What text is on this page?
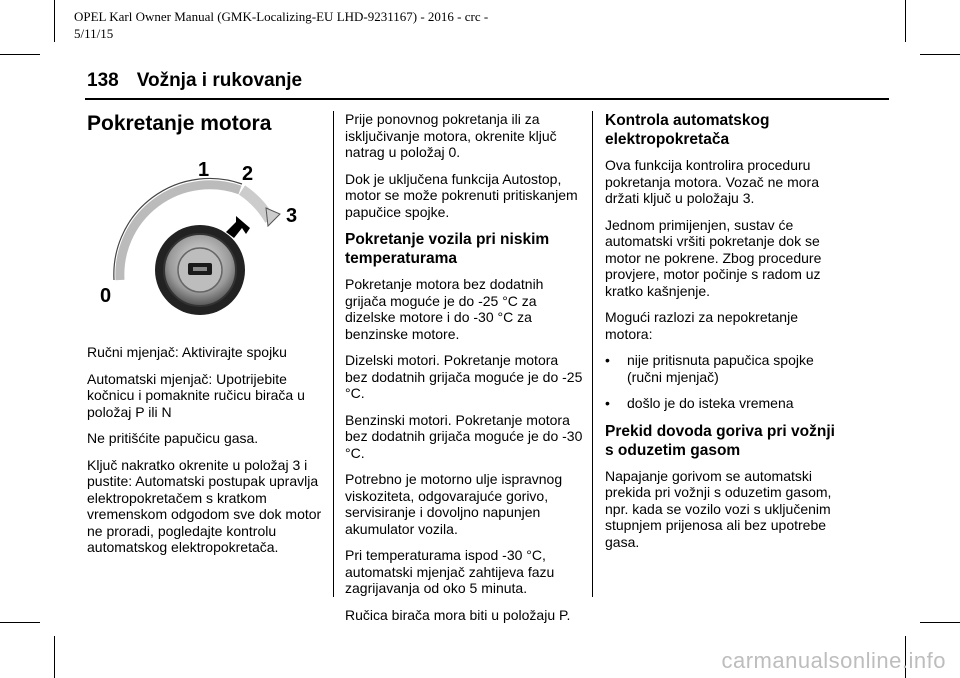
OPEL Karl Owner Manual (GMK-Localizing-EU LHD-9231167) - 2016 - crc -
5/11/15
138 Vožnja i rukovanje
Pokretanje motora
1 2
3
0

Ručni mjenjač: Aktivirajte spojku

Automatski mjenjač: Upotrijebite kočnicu i pomaknite ručicu birača u položaj P ili N

Ne pritišćite papučicu gasa.

Ključ nakratko okrenite u položaj 3 i pustite: Automatski postupak upravlja elektropokretačem s kratkom vremenskom odgodom sve dok motor ne proradi, pogledajte kontrolu automatskog elektropokretača.

Prije ponovnog pokretanja ili za isključivanje motora, okrenite ključ natrag u položaj 0.

Dok je uključena funkcija Autostop, motor se može pokrenuti pritiskanjem papučice spojke.

Pokretanje vozila pri niskim temperaturama

Pokretanje motora bez dodatnih grijača moguće je do -25 °C za dizelske motore i do -30 °C za benzinske motore.

Dizelski motori. Pokretanje motora bez dodatnih grijača moguće je do -25 °C.

Benzinski motori. Pokretanje motora bez dodatnih grijača moguće je do -30 °C.

Potrebno je motorno ulje ispravnog viskoziteta, odgovarajuće gorivo, servisiranje i dovoljno napunjen akumulator vozila.

Pri temperaturama ispod -30 °C, automatski mjenjač zahtijeva fazu zagrijavanja od oko 5 minuta.

Ručica birača mora biti u položaju P.

Kontrola automatskog elektropokretača

Ova funkcija kontrolira proceduru pokretanja motora. Vozač ne mora držati ključ u položaju 3.

Jednom primijenjen, sustav će automatski vršiti pokretanje dok se motor ne pokrene. Zbog procedure provjere, motor počinje s radom uz kratko kašnjenje.

Mogući razlozi za nepokretanje motora:

•	nije pritisnuta papučica spojke (ručni mjenjač)
•	došlo je do isteka vremena
Prekid dovoda goriva pri vožnji s oduzetim gasom

Napajanje gorivom se automatski prekida pri vožnji s oduzetim gasom, npr. kada se vozilo vozi s uključenim stupnjem prijenosa ali bez upotrebe gasa.

carmanualsonline.info
